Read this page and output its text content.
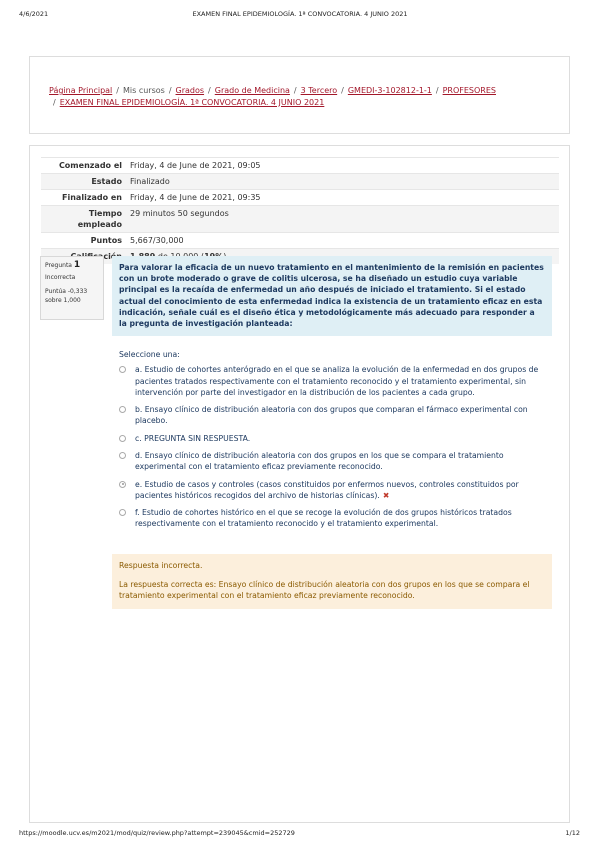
4/6/2021	EXAMEN FINAL EPIDEMIOLOGÍA. 1ª CONVOCATORIA. 4 JUNIO 2021
Página Principal / Mis cursos / Grados / Grado de Medicina / 3 Tercero / GMEDI-3-102812-1-1 / PROFESORES
/ EXAMEN FINAL EPIDEMIOLOGÍA. 1ª CONVOCATORIA. 4 JUNIO 2021
Comenzado el	Friday, 4 de June de 2021, 09:05
Estado	Finalizado
Finalizado en	Friday, 4 de June de 2021, 09:35
Tiempo
empleado	29 minutos 50 segundos
Puntos	5,667/30,000

Pregunta 1
Incorrecta
Puntúa -0,333
sobre 1,000
Para valorar la eficacia de un nuevo tratamiento en el mantenimiento de la remisión en pacientes con un brote moderado o grave de colitis ulcerosa, se ha diseñado un estudio cuya variable principal es la recaída de enfermedad un año después de iniciado el tratamiento. Si el estado actual del conocimiento de esta enfermedad indica la existencia de un tratamiento eficaz en esta indicación, señale cuál es el diseño ética y metodológicamente más adecuado para responder a la pregunta de investigación planteada:
Seleccione una:
a. Estudio de cohortes anterógrado en el que se analiza la evolución de la enfermedad en dos grupos de pacientes tratados respectivamente con el tratamiento reconocido y el tratamiento experimental, sin intervención por parte del investigador en la distribución de los pacientes a cada grupo.
b. Ensayo clínico de distribución aleatoria con dos grupos que comparan el fármaco experimental con placebo.
c. PREGUNTA SIN RESPUESTA.
d. Ensayo clínico de distribución aleatoria con dos grupos en los que se compara el tratamiento experimental con el tratamiento eficaz previamente reconocido.
e. Estudio de casos y controles (casos constituidos por enfermos nuevos, controles constituidos por pacientes históricos recogidos del archivo de historias clínicas). ✖
f. Estudio de cohortes histórico en el que se recoge la evolución de dos grupos históricos tratados respectivamente con el tratamiento reconocido y el tratamiento experimental.
Respuesta incorrecta.
La respuesta correcta es: Ensayo clínico de distribución aleatoria con dos grupos en los que se compara el tratamiento experimental con el tratamiento eficaz previamente reconocido.
https://moodle.ucv.es/m2021/mod/quiz/review.php?attempt=239045&cmid=252729	1/12
